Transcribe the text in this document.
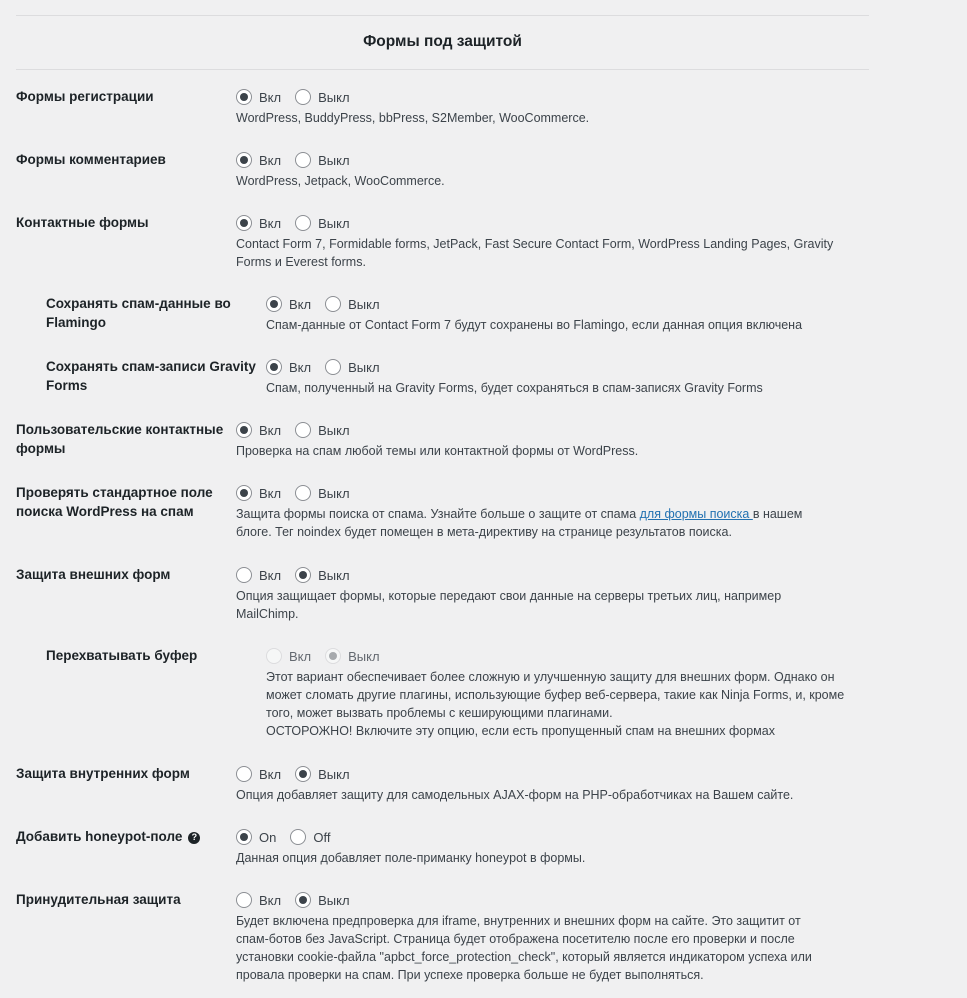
Формы под защитой
Формы регистрации	Вкл	Выкл
WordPress, BuddyPress, bbPress, S2Member, WooCommerce.
Формы комментариев	Вкл	Выкл
WordPress, Jetpack, WooCommerce.
Контактные формы	Вкл	Выкл
Contact Form 7, Formidable forms, JetPack, Fast Secure Contact Form, WordPress Landing Pages, Gravity Forms и Everest forms.
Сохранять спам-данные во Flamingo
Вкл	Выкл
Спам-данные от Contact Form 7 будут сохранены во Flamingo, если данная опция включена
Сохранять спам-записи Gravity Forms
Вкл	Выкл
Спам, полученный на Gravity Forms, будет сохраняться в спам-записях Gravity Forms
Пользовательские контактные формы
Вкл	Выкл
Проверка на спам любой темы или контактной формы от WordPress.
Проверять стандартное поле поиска WordPress на спам
Вкл	Выкл
Защита формы поиска от спама. Узнайте больше о защите от спама для формы поиска в нашем блоге. Тег noindex будет помещен в мета-директиву на странице результатов поиска.
Защита внешних форм	Вкл	Выкл
Опция защищает формы, которые передают свои данные на серверы третьих лиц, например MailChimp.
Перехватывать буфер	Вкл	Выкл
Этот вариант обеспечивает более сложную и улучшенную защиту для внешних форм. Однако он может сломать другие плагины, использующие буфер веб-сервера, такие как Ninja Forms, и, кроме того, может вызвать проблемы с кеширующими плагинами.
ОСТОРОЖНО! Включите эту опцию, если есть пропущенный спам на внешних формах
Защита внутренних форм	Вкл	Выкл
Опция добавляет защиту для самодельных AJAX-форм на PHP-обработчиках на Вашем сайте.
Добавить honeypot-поле ?	On	Off
Данная опция добавляет поле-приманку honeypot в формы.
Принудительная защита	Вкл	Выкл
Будет включена предпроверка для iframe, внутренних и внешних форм на сайте. Это защитит от спам-ботов без JavaScript. Страница будет отображена посетителю после его проверки и после установки cookie-файла "apbct_force_protection_check", который является индикатором успеха или провала проверки на спам. При успехе проверка больше не будет выполняться.
